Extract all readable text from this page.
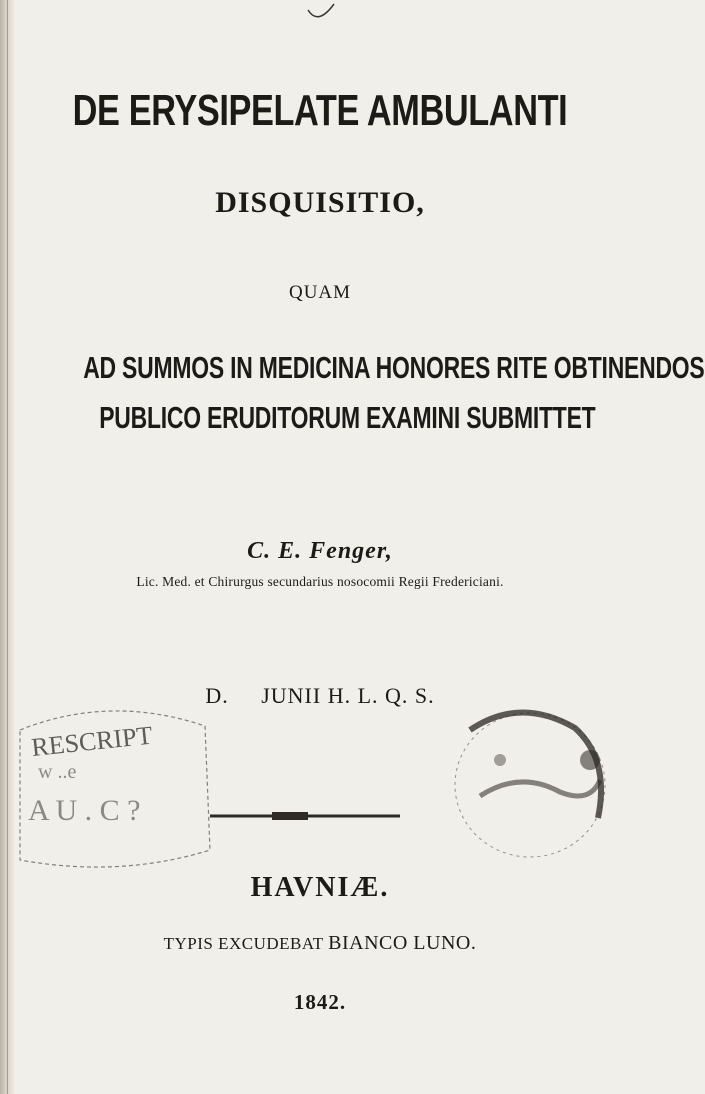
DE ERYSIPELATE AMBULANTI
DISQUISITIO,
QUAM
AD SUMMOS IN MEDICINA HONORES RITE OBTINENDOS
PUBLICO ERUDITORUM EXAMINI SUBMITTET
C. E. Fenger,
Lic. Med. et Chirurgus secundarius nosocomii Regii Fredericiani.
D.     JUNII H. L. Q. S.
RESCRIPT
w ..e
A U . C ?
HAVNIÆ.
TYPIS EXCUDEBAT BIANCO LUNO.
1842.
